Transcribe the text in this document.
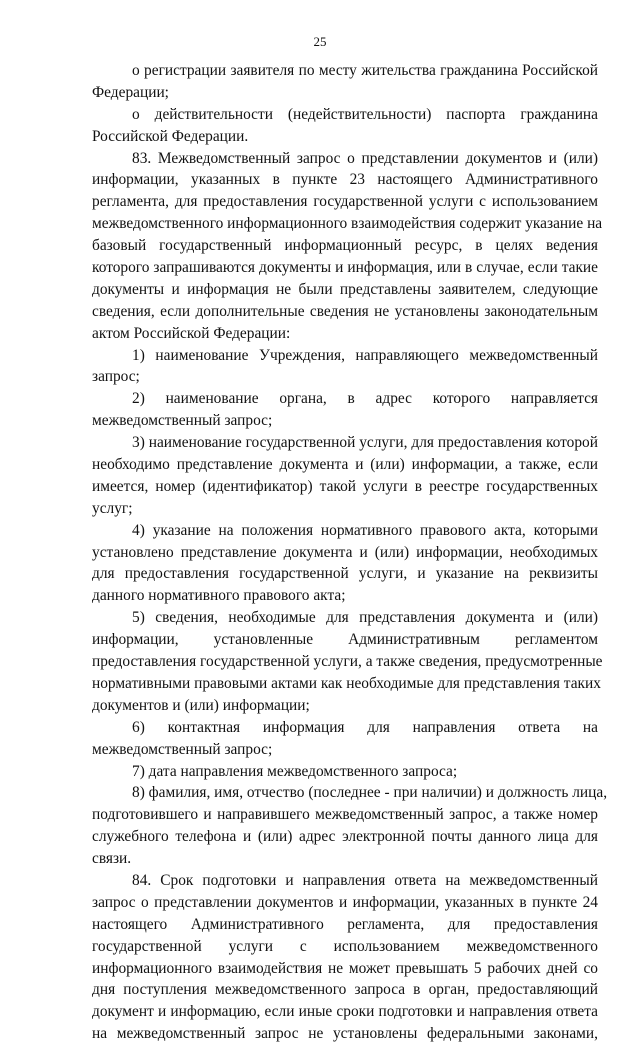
25
о регистрации заявителя по месту жительства гражданина Российской
Федерации;
о действительности (недействительности) паспорта гражданина
Российской Федерации.
83. Межведомственный запрос о представлении документов и (или)
информации, указанных в пункте 23 настоящего Административного
регламента, для предоставления государственной услуги с использованием
межведомственного информационного взаимодействия содержит указание на
базовый государственный информационный ресурс, в целях ведения
которого запрашиваются документы и информация, или в случае, если такие
документы и информация не были представлены заявителем, следующие
сведения, если дополнительные сведения не установлены законодательным
актом Российской Федерации:
1) наименование Учреждения, направляющего межведомственный
запрос;
2) наименование органа, в адрес которого направляется
межведомственный запрос;
3) наименование государственной услуги, для предоставления которой
необходимо представление документа и (или) информации, а также, если
имеется, номер (идентификатор) такой услуги в реестре государственных
услуг;
4) указание на положения нормативного правового акта, которыми
установлено представление документа и (или) информации, необходимых
для предоставления государственной услуги, и указание на реквизиты
данного нормативного правового акта;
5) сведения, необходимые для представления документа и (или)
информации, установленные Административным регламентом
предоставления государственной услуги, а также сведения, предусмотренные
нормативными правовыми актами как необходимые для представления таких
документов и (или) информации;
6) контактная информация для направления ответа на
межведомственный запрос;
7) дата направления межведомственного запроса;
8) фамилия, имя, отчество (последнее - при наличии) и должность лица,
подготовившего и направившего межведомственный запрос, а также номер
служебного телефона и (или) адрес электронной почты данного лица для
связи.
84. Срок подготовки и направления ответа на межведомственный
запрос о представлении документов и информации, указанных в пункте 24
настоящего Административного регламента, для предоставления
государственной услуги с использованием межведомственного
информационного взаимодействия не может превышать 5 рабочих дней со
дня поступления межведомственного запроса в орган, предоставляющий
документ и информацию, если иные сроки подготовки и направления ответа
на межведомственный запрос не установлены федеральными законами,
